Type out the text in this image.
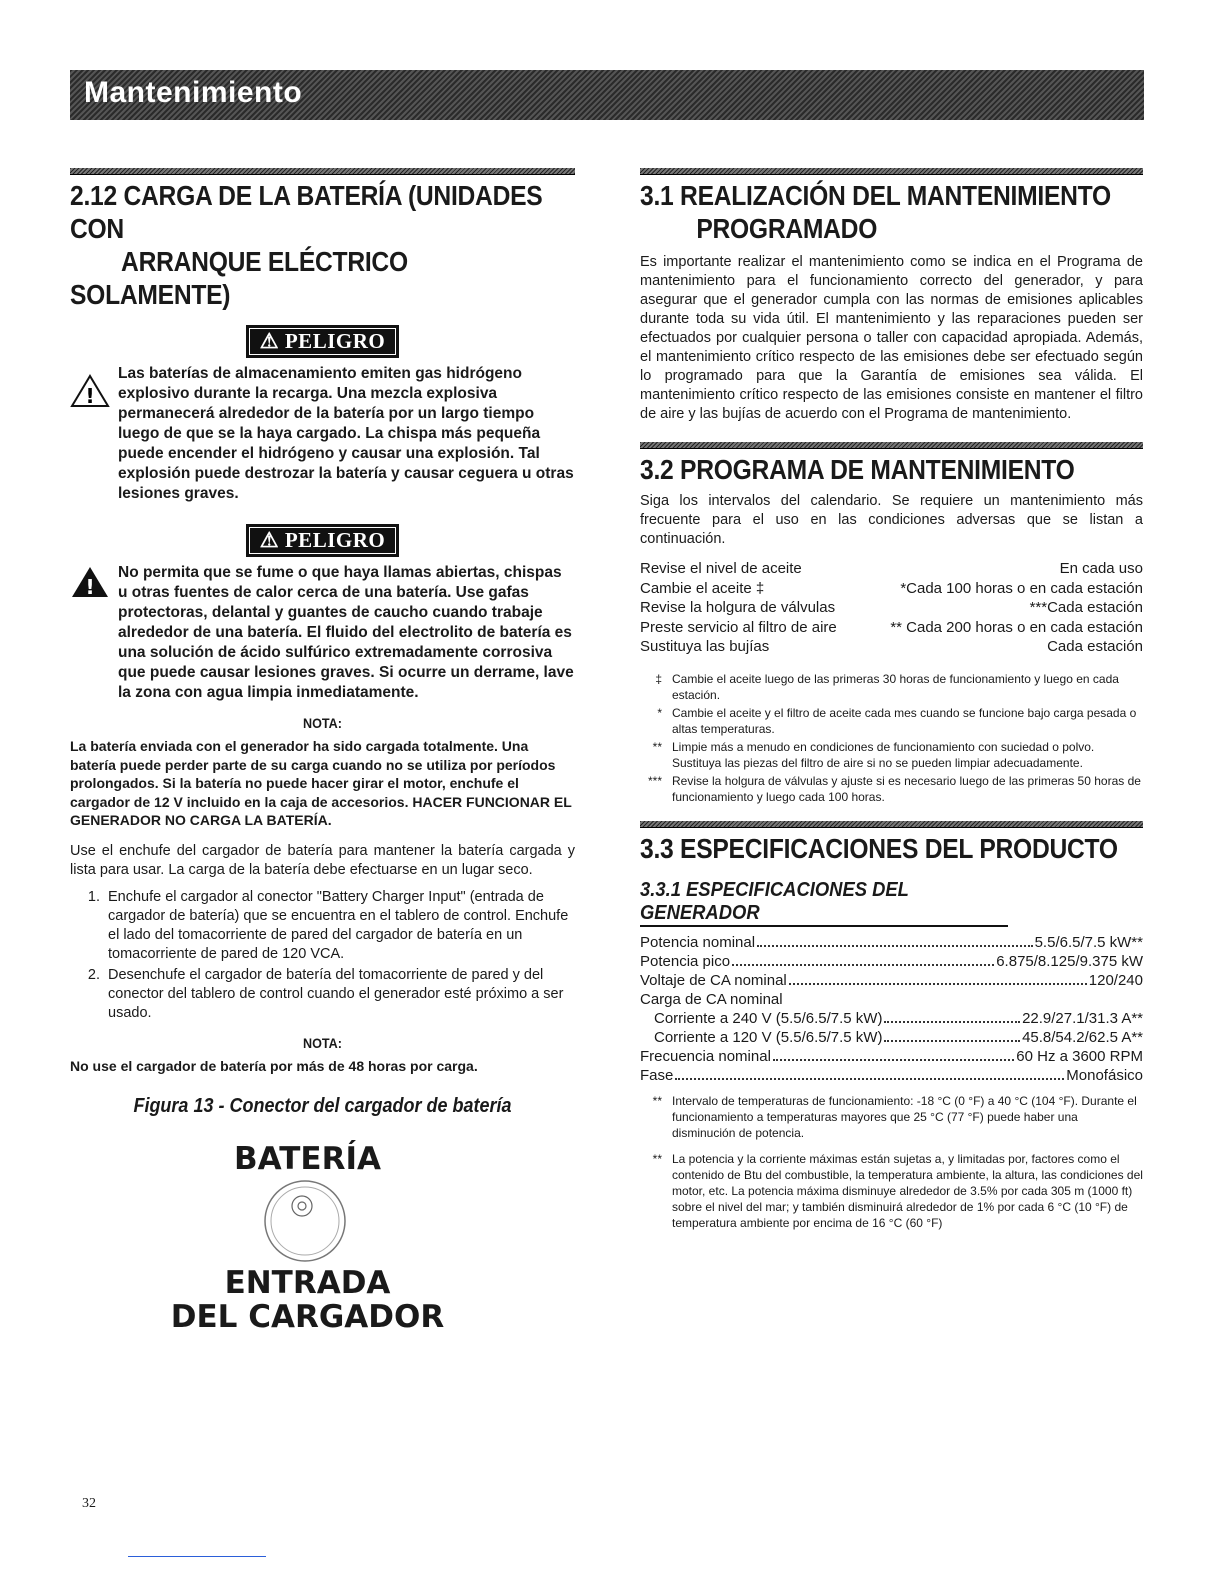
Mantenimiento
2.12 CARGA DE LA BATERÍA (UNIDADES CON
ARRANQUE ELÉCTRICO SOLAMENTE)
⚠ PELIGRO
!
Las baterías de almacenamiento emiten gas hidrógeno explosivo durante la recarga. Una mezcla explosiva permanecerá alrededor de la batería por un largo tiempo luego de que se la haya cargado. La chispa más pequeña puede encender el hidrógeno y causar una explosión. Tal explosión puede destrozar la batería y causar ceguera u otras lesiones graves.
⚠ PELIGRO
!
No permita que se fume o que haya llamas abiertas, chispas u otras fuentes de calor cerca de una batería. Use gafas protectoras, delantal y guantes de caucho cuando trabaje alrededor de una batería. El fluido del electrolito de batería es una solución de ácido sulfúrico extremadamente corrosiva que puede causar lesiones graves. Si ocurre un derrame, lave la zona con agua limpia inmediatamente.
NOTA:

La batería enviada con el generador ha sido cargada totalmente. Una batería puede perder parte de su carga cuando no se utiliza por períodos prolongados. Si la batería no puede hacer girar el motor, enchufe el cargador de 12 V incluido en la caja de accesorios. HACER FUNCIONAR EL GENERADOR NO CARGA LA BATERÍA.

Use el enchufe del cargador de batería para mantener la batería cargada y lista para usar. La carga de la batería debe efectuarse en un lugar seco.

1. Enchufe el cargador al conector "Battery Charger Input" (entrada de cargador de batería) que se encuentra en el tablero de control. Enchufe el lado del tomacorriente de pared del cargador de batería en un tomacorriente de pared de 120 VCA.
2. Desenchufe el cargador de batería del tomacorriente de pared y del conector del tablero de control cuando el generador esté próximo a ser usado.
NOTA:

No use el cargador de batería por más de 48 horas por carga.

Figura 13 - Conector del cargador de batería
BATERÍA
ENTRADA
DEL CARGADOR
3.1 REALIZACIÓN DEL MANTENIMIENTO
PROGRAMADO

Es importante realizar el mantenimiento como se indica en el Programa de mantenimiento para el funcionamiento correcto del generador, y para asegurar que el generador cumpla con las normas de emisiones aplicables durante toda su vida útil. El mantenimiento y las reparaciones pueden ser efectuados por cualquier persona o taller con capacidad apropiada. Además, el mantenimiento crítico respecto de las emisiones debe ser efectuado según lo programado para que la Garantía de emisiones sea válida. El mantenimiento crítico respecto de las emisiones consiste en mantener el filtro de aire y las bujías de acuerdo con el Programa de mantenimiento.

3.2 PROGRAMA DE MANTENIMIENTO

Siga los intervalos del calendario. Se requiere un mantenimiento más frecuente para el uso en las condiciones adversas que se listan a continuación.

Revise el nivel de aceite	En cada uso
Cambie el aceite ‡	*Cada 100 horas o en cada estación
Revise la holgura de válvulas	***Cada estación
Preste servicio al filtro de aire	** Cada 200 horas o en cada estación
Sustituya las bujías	Cada estación
‡ Cambie el aceite luego de las primeras 30 horas de funcionamiento y luego en cada estación.
* Cambie el aceite y el filtro de aceite cada mes cuando se funcione bajo carga pesada o altas temperaturas.
** Limpie más a menudo en condiciones de funcionamiento con suciedad o polvo. Sustituya las piezas del filtro de aire si no se pueden limpiar adecuadamente.
*** Revise la holgura de válvulas y ajuste si es necesario luego de las primeras 50 horas de funcionamiento y luego cada 100 horas.
3.3 ESPECIFICACIONES DEL PRODUCTO
3.3.1 ESPECIFICACIONES DEL GENERADOR
Potencia nominal	5.5/6.5/7.5 kW**
Potencia pico	6.875/8.125/9.375 kW
Voltaje de CA nominal	120/240
Carga de CA nominal
Corriente a 240 V (5.5/6.5/7.5 kW)	22.9/27.1/31.3 A**
Corriente a 120 V (5.5/6.5/7.5 kW)	45.8/54.2/62.5 A**
Frecuencia nominal	60 Hz a 3600 RPM
Fase	Monofásico
** Intervalo de temperaturas de funcionamiento: -18 °C (0 °F) a 40 °C (104 °F). Durante el funcionamiento a temperaturas mayores que 25 °C (77 °F) puede haber una disminución de potencia.
** La potencia y la corriente máximas están sujetas a, y limitadas por, factores como el contenido de Btu del combustible, la temperatura ambiente, la altura, las condiciones del motor, etc. La potencia máxima disminuye alrededor de 3.5% por cada 305 m (1000 ft) sobre el nivel del mar; y también disminuirá alrededor de 1% por cada 6 °C (10 °F) de temperatura ambiente por encima de 16 °C (60 °F)
32
